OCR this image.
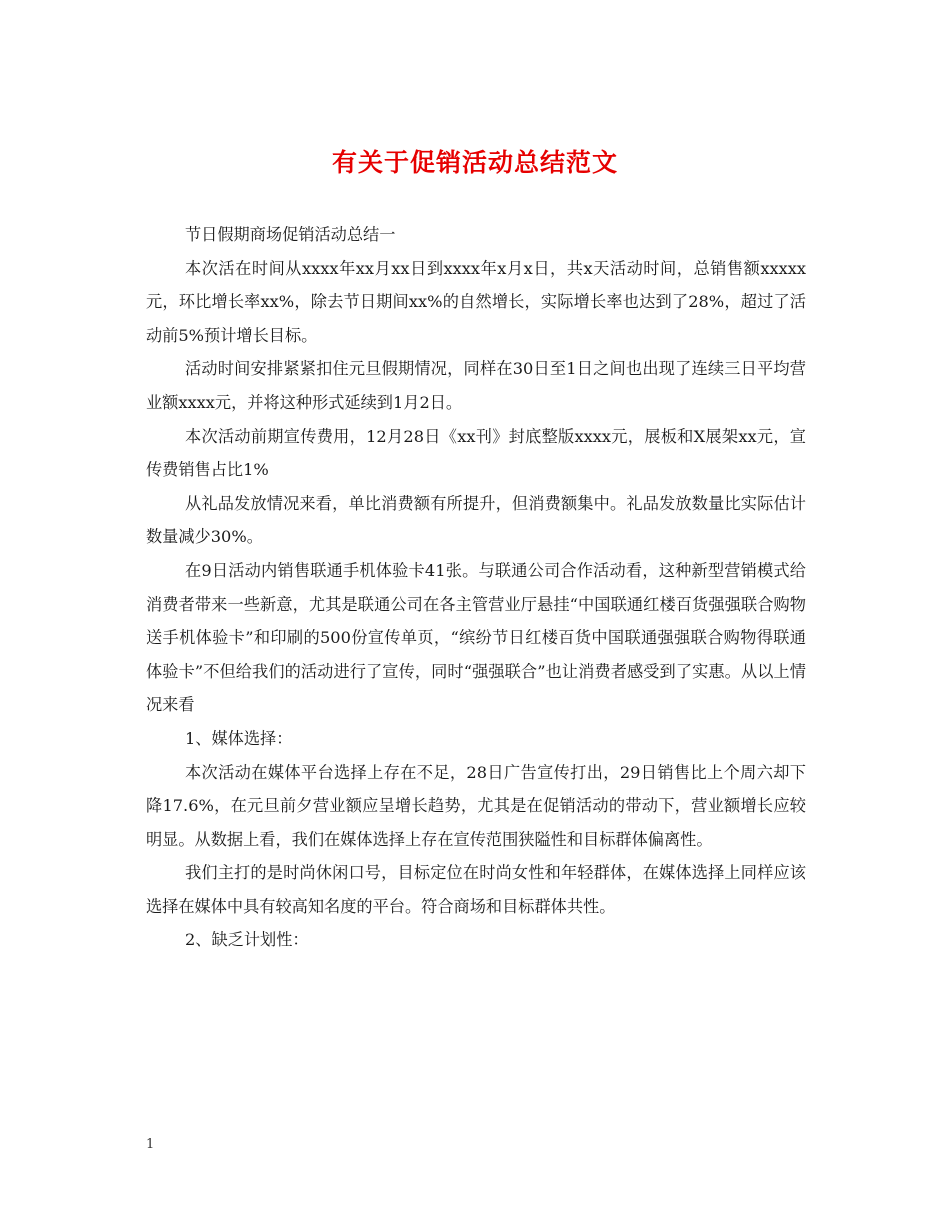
有关于促销活动总结范文

节日假期商场促销活动总结一

本次活在时间从xxxx年xx月xx日到xxxx年x月x日，共x天活动时间，总销售额xxxxx元，环比增长率xx%，除去节日期间xx%的自然增长，实际增长率也达到了28%，超过了活动前5%预计增长目标。

活动时间安排紧紧扣住元旦假期情况，同样在30日至1日之间也出现了连续三日平均营业额xxxx元，并将这种形式延续到1月2日。

本次活动前期宣传费用，12月28日《xx刊》封底整版xxxx元，展板和X展架xx元，宣传费销售占比1%

从礼品发放情况来看，单比消费额有所提升，但消费额集中。礼品发放数量比实际估计数量减少30%。

在9日活动内销售联通手机体验卡41张。与联通公司合作活动看，这种新型营销模式给消费者带来一些新意，尤其是联通公司在各主管营业厅悬挂“中国联通红楼百货强强联合购物送手机体验卡”和印刷的500份宣传单页，“缤纷节日红楼百货中国联通强强联合购物得联通体验卡”不但给我们的活动进行了宣传，同时“强强联合”也让消费者感受到了实惠。从以上情况来看

1、媒体选择：

本次活动在媒体平台选择上存在不足，28日广告宣传打出，29日销售比上个周六却下降17.6%，在元旦前夕营业额应呈增长趋势，尤其是在促销活动的带动下，营业额增长应较明显。从数据上看，我们在媒体选择上存在宣传范围狭隘性和目标群体偏离性。

我们主打的是时尚休闲口号，目标定位在时尚女性和年轻群体，在媒体选择上同样应该选择在媒体中具有较高知名度的平台。符合商场和目标群体共性。

2、缺乏计划性：

1
